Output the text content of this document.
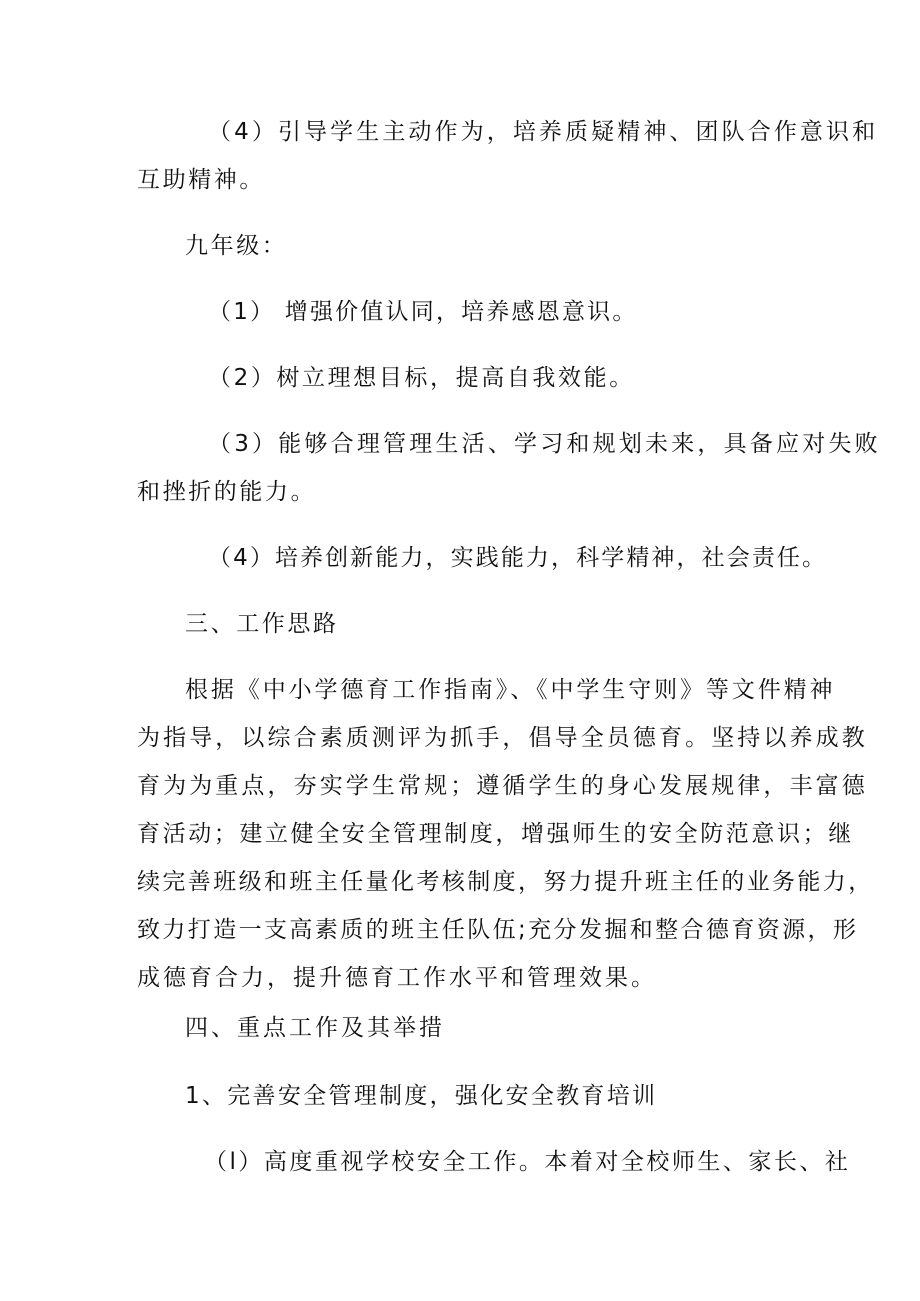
（4）引导学生主动作为，培养质疑精神、团队合作意识和
互助精神。
九年级：
（1） 增强价值认同，培养感恩意识。
（2）树立理想目标，提高自我效能。
（3）能够合理管理生活、学习和规划未来，具备应对失败
和挫折的能力。
（4）培养创新能力，实践能力，科学精神，社会责任。
三、工作思路
根据《中小学德育工作指南》、《中学生守则》等文件精神
为指导，以综合素质测评为抓手，倡导全员德育。坚持以养成教
育为为重点，夯实学生常规；遵循学生的身心发展规律，丰富德
育活动；建立健全安全管理制度，增强师生的安全防范意识；继
续完善班级和班主任量化考核制度，努力提升班主任的业务能力，
致力打造一支高素质的班主任队伍;充分发掘和整合德育资源，形
成德育合力，提升德育工作水平和管理效果。
四、重点工作及其举措
1、完善安全管理制度，强化安全教育培训
（l）高度重视学校安全工作。本着对全校师生、家长、社
